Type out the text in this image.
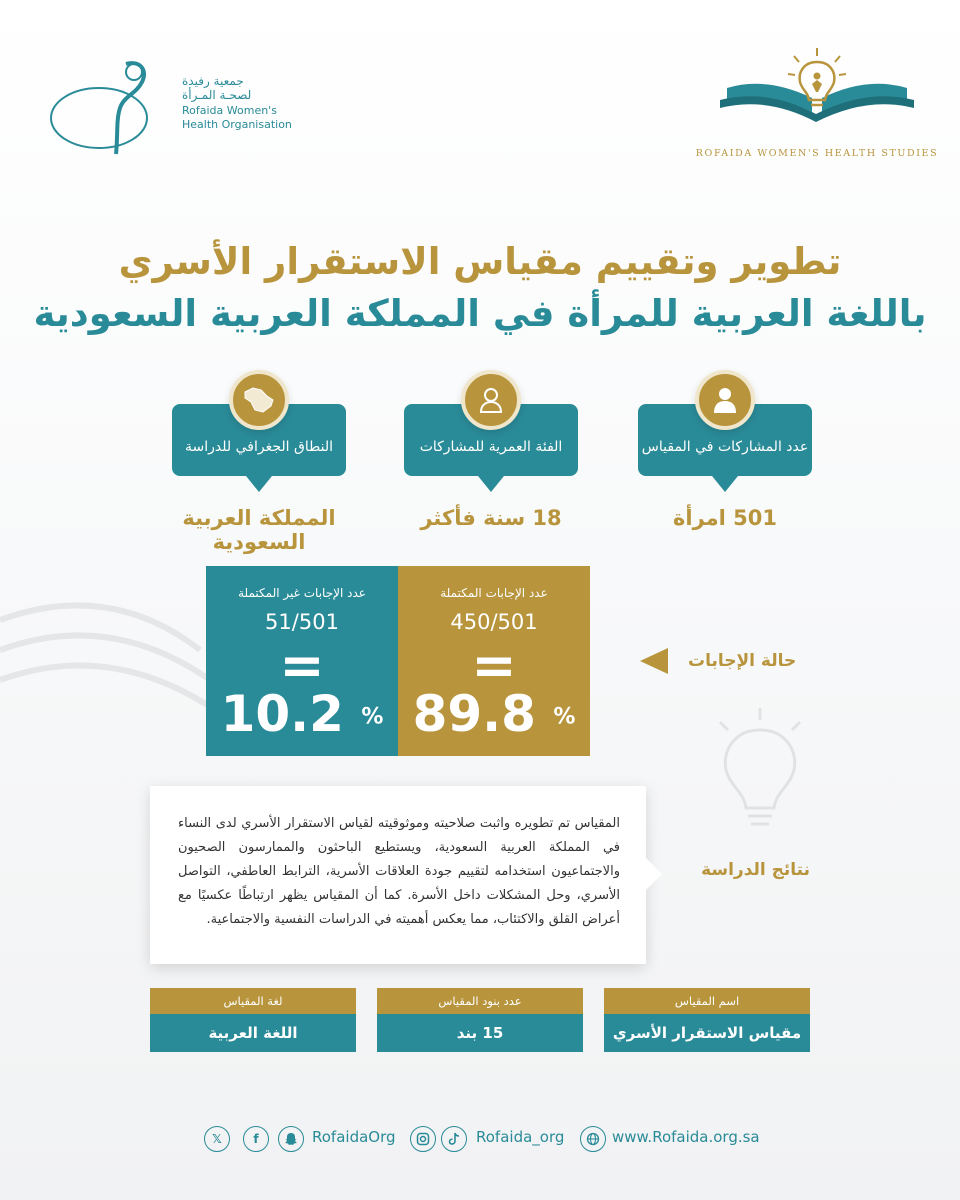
جمعية رفيدة
لصحـة المـرأة
Rofaida Women's
Health Organisation
ROFAIDA WOMEN'S HEALTH STUDIES
تطوير وتقييم مقياس الاستقرار الأسري
باللغة العربية للمرأة في المملكة العربية السعودية
عدد المشاركات في المقياس
501 امرأة
الفئة العمرية للمشاركات
18 سنة فأكثر
النطاق الجغرافي للدراسة
المملكة العربية السعودية
عدد الإجابات غير المكتملة
51/501
=
10.2 %
عدد الإجابات المكتملة
450/501
=
89.8 %
حالة الإجابات

المقياس تم تطويره واثبت صلاحيته وموثوقيته لقياس الاستقرار الأسري لدى النساء في المملكة العربية السعودية، ويستطيع الباحثون والممارسون الصحيون والاجتماعيون استخدامه لتقييم جودة العلاقات الأسرية، الترابط العاطفي، التواصل الأسري، وحل المشكلات داخل الأسرة. كما أن المقياس يظهر ارتباطًا عكسيًا مع أعراض القلق والاكتئاب، مما يعكس أهميته في الدراسات النفسية والاجتماعية.

نتائج الدراسة
اسم المقياس
مقياس الاستقرار الأسري
عدد بنود المقياس
15 بند
لغة المقياس
اللغة العربية
𝕏	f	RofaidaOrg	Rofaida_org	www.Rofaida.org.sa
